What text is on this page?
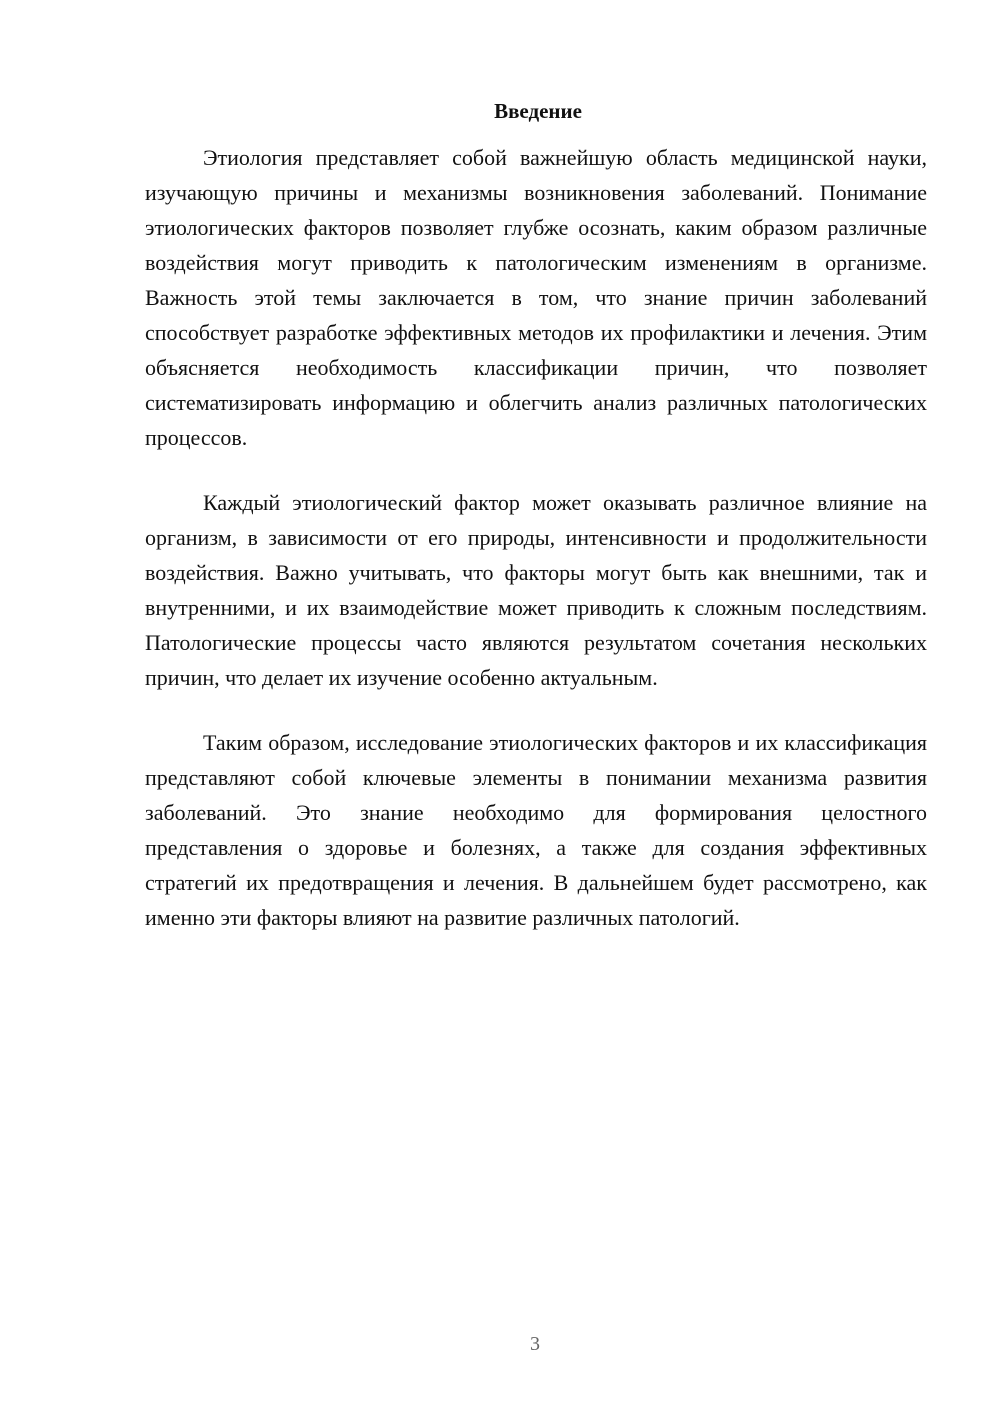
Введение

Этиология представляет собой важнейшую область медицинской науки, изучающую причины и механизмы возникновения заболеваний. Понимание этиологических факторов позволяет глубже осознать, каким образом различные воздействия могут приводить к патологическим изменениям в организме. Важность этой темы заключается в том, что знание причин заболеваний способствует разработке эффективных методов их профилактики и лечения. Этим объясняется необходимость классификации причин, что позволяет систематизировать информацию и облегчить анализ различных патологических процессов.

Каждый этиологический фактор может оказывать различное влияние на организм, в зависимости от его природы, интенсивности и продолжительности воздействия. Важно учитывать, что факторы могут быть как внешними, так и внутренними, и их взаимодействие может приводить к сложным последствиям. Патологические процессы часто являются результатом сочетания нескольких причин, что делает их изучение особенно актуальным.

Таким образом, исследование этиологических факторов и их классификация представляют собой ключевые элементы в понимании механизма развития заболеваний. Это знание необходимо для формирования целостного представления о здоровье и болезнях, а также для создания эффективных стратегий их предотвращения и лечения. В дальнейшем будет рассмотрено, как именно эти факторы влияют на развитие различных патологий.

3
